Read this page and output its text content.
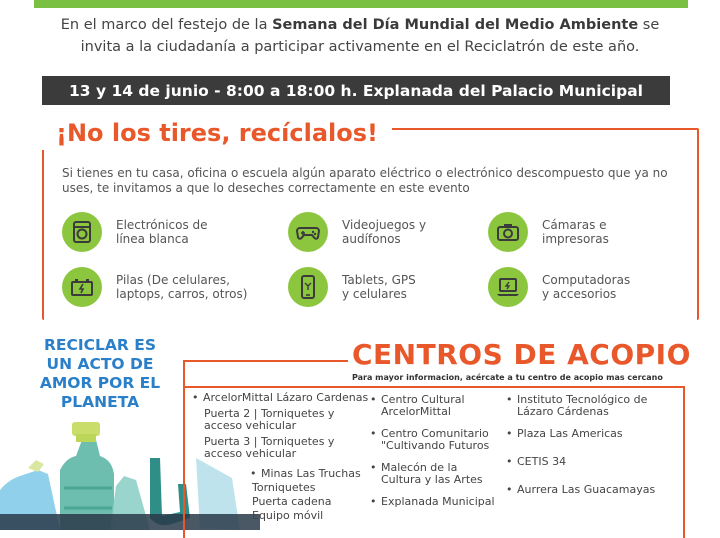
En el marco del festejo de la Semana del Día Mundial del Medio Ambiente se

invita a la ciudadanía a participar activamente en el Reciclatrón de este año.

13 y 14 de junio - 8:00 a 18:00 h. Explanada del Palacio Municipal
¡No los tires, recíclalos!
Si tienes en tu casa, oficina o escuela algún aparato eléctrico o electrónico descompuesto que ya no uses, te invitamos a que lo deseches correctamente en este evento
Electrónicos de
línea blanca
Videojuegos y
audífonos
Cámaras e
impresoras
Pilas (De celulares,
laptops, carros, otros)
Tablets, GPS
y celulares
Computadoras
y accesorios
RECICLAR ES UN ACTO DE AMOR POR EL PLANETA
CENTROS DE ACOPIO
Para mayor informacion, acércate a tu centro de acopio mas cercano
• ArcelorMittal Lázaro Cardenas
Puerta 2 | Torniquetes y acceso vehicular
Puerta 3 | Torniquetes y acceso vehicular
• Minas Las Truchas
Torniquetes
Puerta cadena
Equipo móvil
• Centro Cultural ArcelorMittal
• Centro Comunitario "Cultivando Futuros
• Malecón de la Cultura y las Artes
• Explanada Municipal
• Instituto Tecnológico de Lázaro Cárdenas
• Plaza Las Americas
• CETIS 34
• Aurrera Las Guacamayas
